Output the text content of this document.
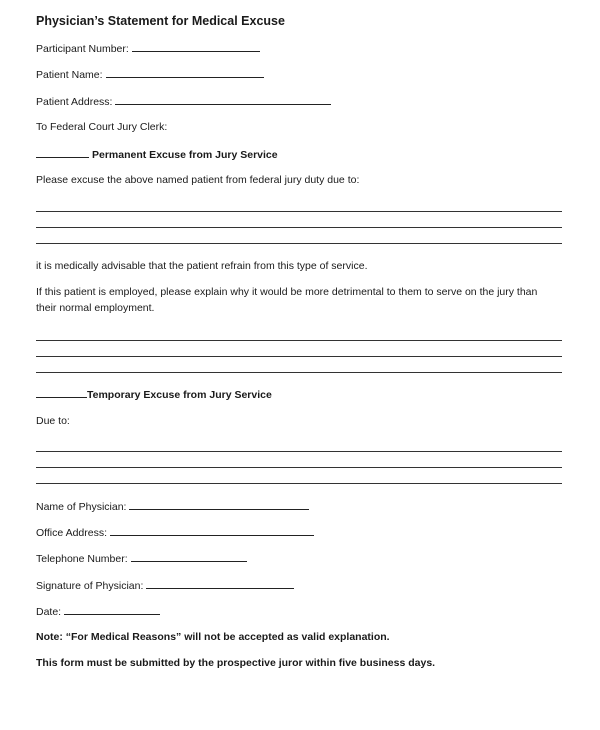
Physician’s Statement for Medical Excuse
Participant Number:
Patient Name:
Patient Address:
To Federal Court Jury Clerk:
Permanent Excuse from Jury Service
Please excuse the above named patient from federal jury duty due to:
it is medically advisable that the patient refrain from this type of service.
If this patient is employed, please explain why it would be more detrimental to them to serve on the jury than
their normal employment.
Temporary Excuse from Jury Service
Due to:
Name of Physician:
Office Address:
Telephone Number:
Signature of Physician:
Date:
Note: “For Medical Reasons” will not be accepted as valid explanation.
This form must be submitted by the prospective juror within five business days.
